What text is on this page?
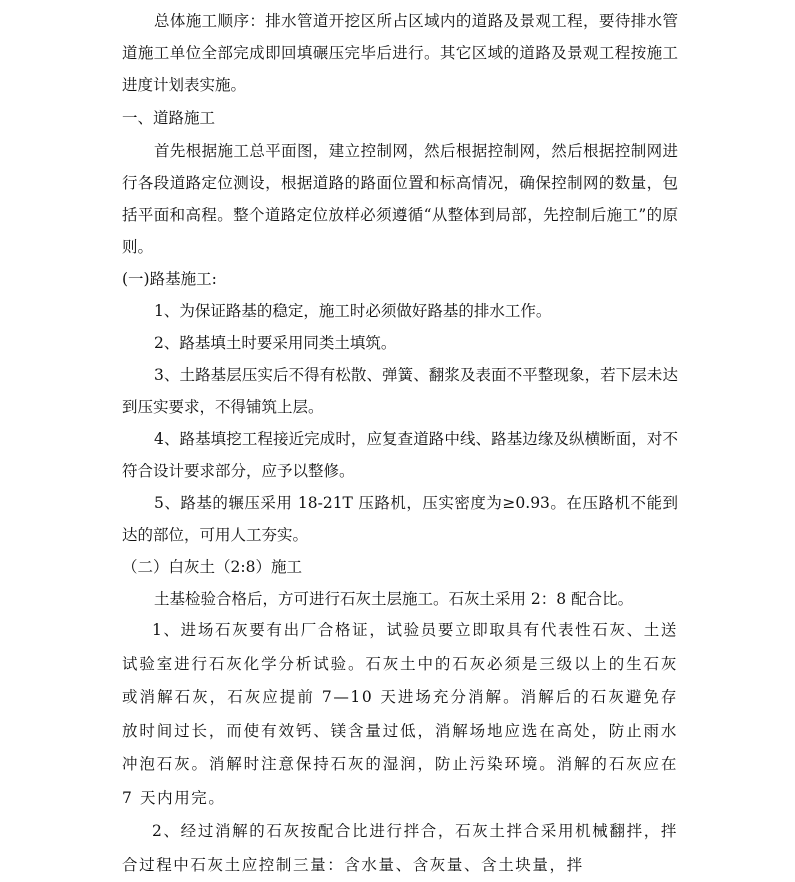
总体施工顺序：排水管道开挖区所占区域内的道路及景观工程，要待排水管道施工单位全部完成即回填碾压完毕后进行。其它区域的道路及景观工程按施工进度计划表实施。

一、道路施工

首先根据施工总平面图，建立控制网，然后根据控制网，然后根据控制网进行各段道路定位测设，根据道路的路面位置和标高情况，确保控制网的数量，包括平面和高程。整个道路定位放样必须遵循“从整体到局部，先控制后施工”的原则。

(一)路基施工:

1、为保证路基的稳定，施工时必须做好路基的排水工作。

2、路基填土时要采用同类土填筑。

3、土路基层压实后不得有松散、弹簧、翻浆及表面不平整现象，若下层未达到压实要求，不得铺筑上层。

4、路基填挖工程接近完成时，应复查道路中线、路基边缘及纵横断面，对不符合设计要求部分，应予以整修。

5、路基的辗压采用 18-21T 压路机，压实密度为≥0.93。在压路机不能到达的部位，可用人工夯实。

（二）白灰土（2:8）施工

土基检验合格后，方可进行石灰土层施工。石灰土采用 2：8 配合比。

1、进场石灰要有出厂合格证，试验员要立即取具有代表性石灰、土送试验室进行石灰化学分析试验。石灰土中的石灰必须是三级以上的生石灰或消解石灰，石灰应提前 7—10 天进场充分消解。消解后的石灰避免存放时间过长，而使有效钙、镁含量过低，消解场地应选在高处，防止雨水冲泡石灰。消解时注意保持石灰的湿润，防止污染环境。消解的石灰应在 7 天内用完。

2、经过消解的石灰按配合比进行拌合，石灰土拌合采用机械翻拌，拌合过程中石灰土应控制三量：含水量、含灰量、含土块量，拌
